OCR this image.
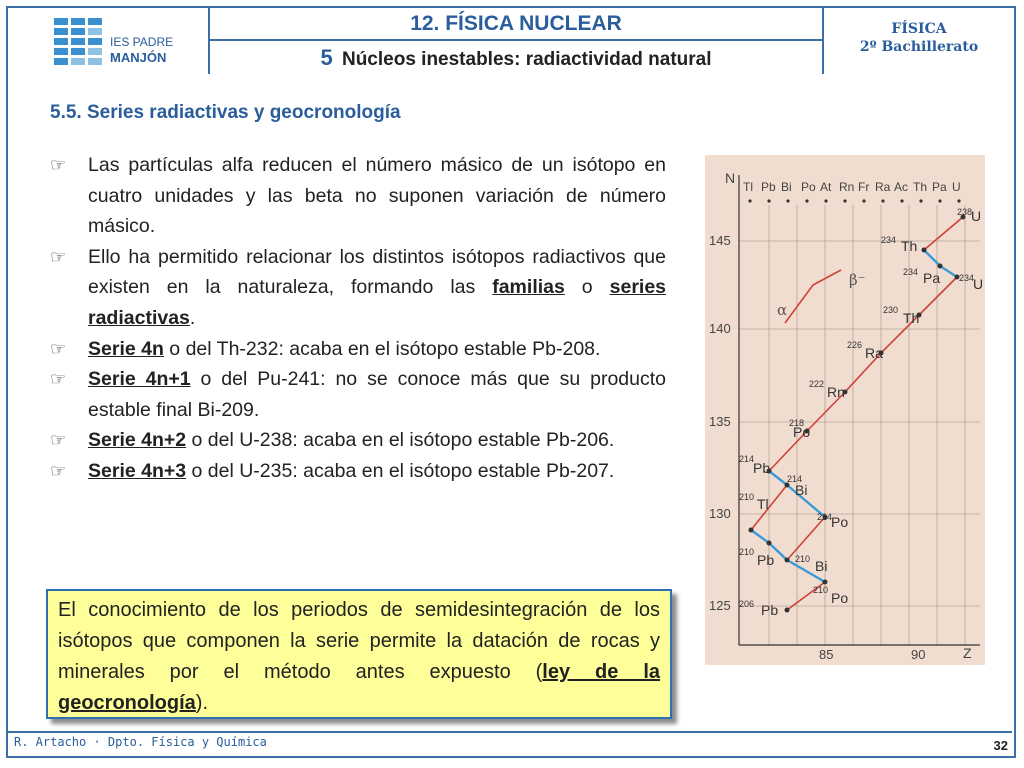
IES PADRE
MANJÓN
12. FÍSICA NUCLEAR
5 Núcleos inestables: radiactividad natural
FÍSICA
2º Bachillerato
5.5. Series radiactivas y geocronología
☞	Las partículas alfa reducen el número másico de un isótopo en cuatro unidades y las beta no suponen variación de número másico.
☞	Ello ha permitido relacionar los distintos isótopos radiactivos que existen en la naturaleza, formando las familias o series radiactivas.
☞	Serie 4n o del Th-232: acaba en el isótopo estable Pb-208.
☞	Serie 4n+1 o del Pu-241: no se conoce más que su producto estable final Bi-209.
☞	Serie 4n+2 o del U-238: acaba en el isótopo estable Pb-206.
☞	Serie 4n+3 o del U-235: acaba en el isótopo estable Pb-207.
El conocimiento de los periodos de semidesintegración de los isótopos que componen la serie permite la datación de rocas y minerales por el método antes expuesto (ley de la geocronología).
N
Z
145
140
135
130
125
85	90
Tl Pb Bi Po At Rn Fr Ra Ac Th Pa U
α
β⁻
238
U
234 Th
234 Pa 234
U
230 Th
226 Ra
222 Rn
218
Po
214
Pb
214
Bi
210 Tl
214
Po
210 Pb 210 Bi
210 Po
206 Pb
R. Artacho · Dpto. Física y Química	32
